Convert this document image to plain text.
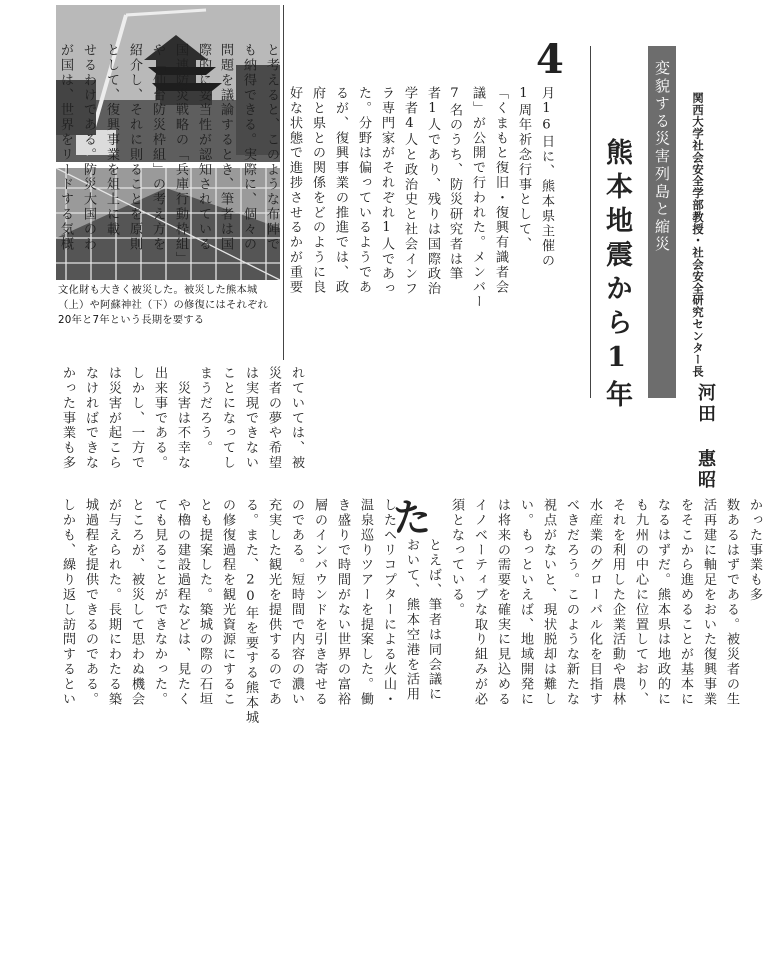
文化財も大きく被災した。被災した熊本城
（上）や阿蘇神社（下）の修復にはそれぞれ
20年と7年という長期を要する
変貌する災害列島と縮災
熊本地震から1年	関西大学社会安全学部教授・社会安全研究センター長
河田 惠昭
4
た
月16日に、熊本県主催の
1周年祈念行事として、
「くまもと復旧・復興有識者会
議」が公開で行われた。メンバー
7名のうち、防災研究者は筆
者1人であり、残りは国際政治
学者4人と政治史と社会インフ
ラ専門家がそれぞれ1人であっ
た。分野は偏っているようであ
るが、復興事業の推進では、政
府と県との関係をどのように良
好な状態で進捗させるかが重要
と考えると、このような布陣で
も納得できる。実際に、個々の
問題を議論するとき、筆者は国
際的に妥当性が認知されている
国連防災戦略の「兵庫行動枠組」
や「仙台防災枠組」の考え方を
紹介し、それに則ることを原則
として、復興事業を俎上に載
せるわけである。防災大国のわ
が国は、世界をリードする気概
れていては、被
災者の夢や希望
は実現できない
ことになってし
まうだろう。
　災害は不幸な
出来事である。
しかし、一方で
は災害が起こら
なければできな
かった事業も多
かった事業も多
数あるはずである。被災者の生
活再建に軸足をおいた復興事業
をそこから進めることが基本に
なるはずだ。熊本県は地政的に
も九州の中心に位置しており、
それを利用した企業活動や農林
水産業のグローバル化を目指す
べきだろう。このような新たな
視点がないと、現状脱却は難し
い。もっといえば、地域開発に
は将来の需要を確実に見込める
イノベーティブな取り組みが必
須となっている。
とえば、筆者は同会議に
おいて、熊本空港を活用
したヘリコプターによる火山・
温泉巡りツアーを提案した。働
き盛りで時間がない世界の富裕
層のインバウンドを引き寄せる
のである。短時間で内容の濃い
充実した観光を提供するのであ
る。また、20年を要する熊本城
の修復過程を観光資源にするこ
とも提案した。築城の際の石垣
や櫓の建設過程などは、見たく
ても見ることができなかった。
ところが、被災して思わぬ機会
が与えられた。長期にわたる築
城過程を提供できるのである。
しかも、繰り返し訪問するとい
